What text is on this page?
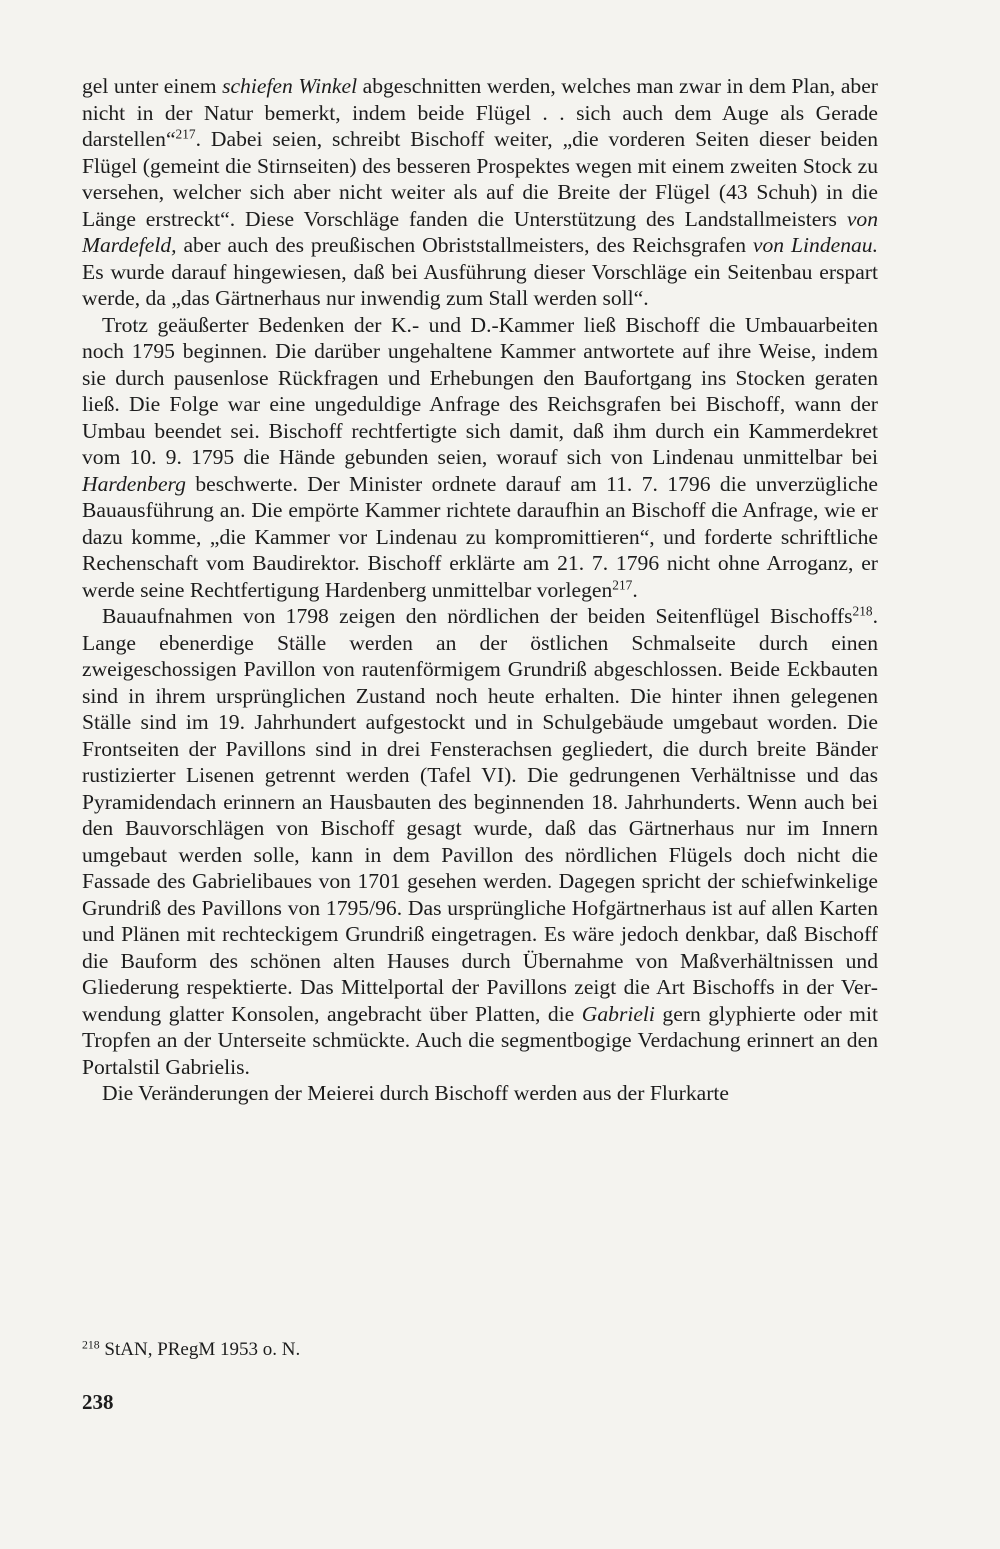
gel unter einem schiefen Winkel abgeschnitten werden, welches man zwar in dem Plan, aber nicht in der Natur bemerkt, indem beide Flügel . . sich auch dem Auge als Gerade darstellen“$^{217}$. Dabei seien, schreibt Bischoff weiter, „die vorderen Seiten dieser beiden Flügel (gemeint die Stirnseiten) des besseren Prospektes wegen mit einem zweiten Stock zu versehen, welcher sich aber nicht weiter als auf die Breite der Flügel (43 Schuh) in die Länge erstreckt“. Diese Vorschläge fanden die Unterstützung des Landstallmeisters von Mardefeld, aber auch des preußischen Obriststallmeisters, des Reichsgrafen von Lindenau. Es wurde darauf hingewiesen, daß bei Ausführung dieser Vorschläge ein Seitenbau erspart werde, da „das Gärtnerhaus nur inwendig zum Stall werden soll“.

Trotz geäußerter Bedenken der K.- und D.-Kammer ließ Bischoff die Umbauarbeiten noch 1795 beginnen. Die darüber ungehaltene Kammer antwortete auf ihre Weise, indem sie durch pausenlose Rückfragen und Erhebungen den Baufortgang ins Stocken geraten ließ. Die Folge war eine ungeduldige Anfrage des Reichsgrafen bei Bischoff, wann der Umbau beendet sei. Bischoff rechtfertigte sich damit, daß ihm durch ein Kammerdekret vom 10. 9. 1795 die Hände gebunden seien, worauf sich von Lindenau unmittelbar bei Hardenberg beschwerte. Der Minister ordnete darauf am 11. 7. 1796 die unverzügliche Bauausführung an. Die empörte Kammer richtete daraufhin an Bischoff die Anfrage, wie er dazu komme, „die Kammer vor Lindenau zu kompromittieren“, und forderte schriftliche Rechenschaft vom Baudirektor. Bischoff erklärte am 21. 7. 1796 nicht ohne Arroganz, er werde seine Rechtfertigung Hardenberg unmittelbar vorlegen$^{217}$.

Bauaufnahmen von 1798 zeigen den nördlichen der beiden Seitenflügel Bischoffs$^{218}$. Lange ebenerdige Ställe werden an der östlichen Schmalseite durch einen zweigeschossigen Pavillon von rautenförmigem Grundriß abgeschlossen. Beide Eckbauten sind in ihrem ursprünglichen Zustand noch heute erhalten. Die hinter ihnen gelegenen Ställe sind im 19. Jahrhundert aufgestockt und in Schulgebäude umgebaut worden. Die Frontseiten der Pavillons sind in drei Fensterachsen gegliedert, die durch breite Bänder rustizierter Lisenen getrennt werden (Tafel VI). Die gedrungenen Verhältnisse und das Pyramidendach erinnern an Hausbauten des beginnenden 18. Jahrhunderts. Wenn auch bei den Bauvorschlägen von Bischoff gesagt wurde, daß das Gärtnerhaus nur im Innern umgebaut werden solle, kann in dem Pavillon des nördlichen Flügels doch nicht die Fassade des Gabrielibaues von 1701 gesehen werden. Dagegen spricht der schiefwinkelige Grundriß des Pavillons von 1795/96. Das ursprüngliche Hofgärtnerhaus ist auf allen Karten und Plänen mit rechteckigem Grundriß eingetragen. Es wäre jedoch denkbar, daß Bischoff die Bauform des schönen alten Hauses durch Übernahme von Maßverhältnissen und Gliederung respektierte. Das Mittelportal der Pavillons zeigt die Art Bischoffs in der Verwendung glatter Konsolen, angebracht über Platten, die Gabrieli gern glyphierte oder mit Tropfen an der Unterseite schmückte. Auch die segmentbogige Verdachung erinnert an den Portalstil Gabrielis.

Die Veränderungen der Meierei durch Bischoff werden aus der Flurkarte

$^{218}$ StAN, PRegM 1953 o. N.
238
